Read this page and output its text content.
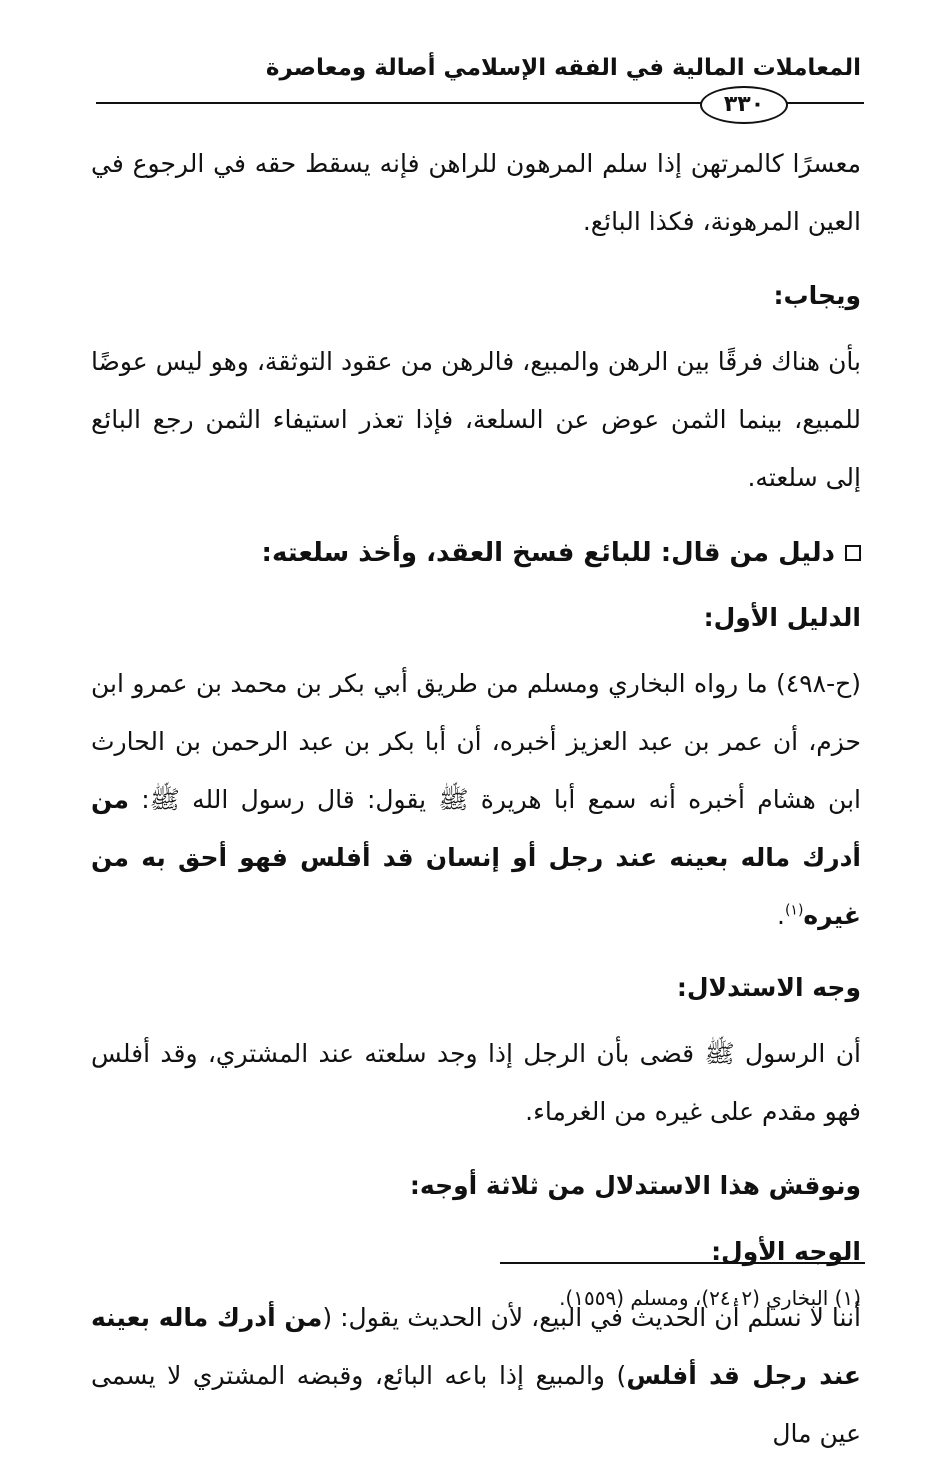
المعاملات المالية في الفقه الإسلامي أصالة ومعاصرة
٣٣٠

معسرًا كالمرتهن إذا سلم المرهون للراهن فإنه يسقط حقه في الرجوع في العين المرهونة، فكذا البائع.

ويجاب:

بأن هناك فرقًا بين الرهن والمبيع، فالرهن من عقود التوثقة، وهو ليس عوضًا للمبيع، بينما الثمن عوض عن السلعة، فإذا تعذر استيفاء الثمن رجع البائع إلى سلعته.

دليل من قال: للبائع فسخ العقد، وأخذ سلعته:

الدليل الأول:

(ح-٤٩٨) ما رواه البخاري ومسلم من طريق أبي بكر بن محمد بن عمرو ابن حزم، أن عمر بن عبد العزيز أخبره، أن أبا بكر بن عبد الرحمن بن الحارث ابن هشام أخبره أنه سمع أبا هريرة ﷺ يقول: قال رسول الله ﷺ: من أدرك ماله بعينه عند رجل أو إنسان قد أفلس فهو أحق به من غيره$^{(١)}$.

وجه الاستدلال:

أن الرسول ﷺ قضى بأن الرجل إذا وجد سلعته عند المشتري، وقد أفلس فهو مقدم على غيره من الغرماء.

ونوقش هذا الاستدلال من ثلاثة أوجه:

الوجه الأول:

أننا لا نسلم أن الحديث في البيع، لأن الحديث يقول: (من أدرك ماله بعينه عند رجل قد أفلس) والمبيع إذا باعه البائع، وقبضه المشتري لا يسمى عين مال

(١) البخاري (٢٤٠٢)، ومسلم (١٥٥٩).
